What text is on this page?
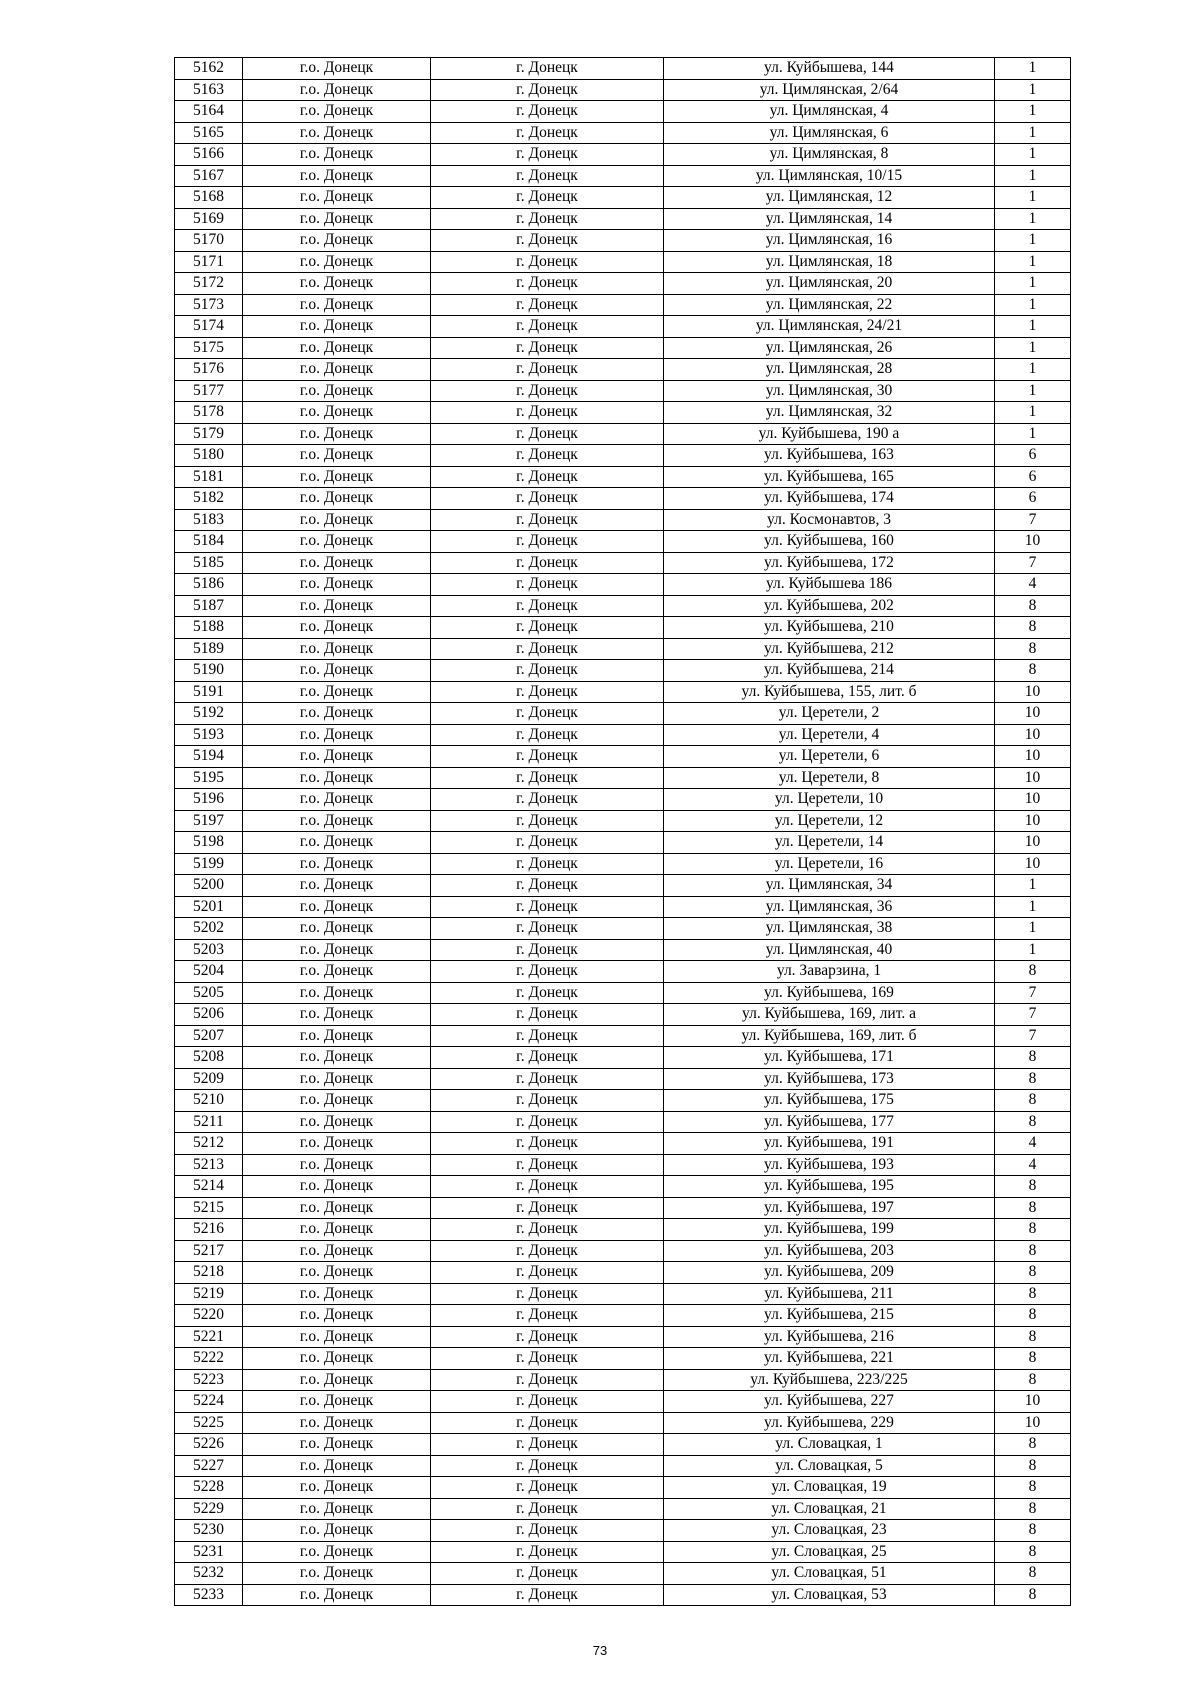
5162	г.о. Донецк	г. Донецк	ул. Куйбышева, 144	1
5163	г.о. Донецк	г. Донецк	ул. Цимлянская, 2/64	1
5164	г.о. Донецк	г. Донецк	ул. Цимлянская, 4	1
5165	г.о. Донецк	г. Донецк	ул. Цимлянская, 6	1
5166	г.о. Донецк	г. Донецк	ул. Цимлянская, 8	1
5167	г.о. Донецк	г. Донецк	ул. Цимлянская, 10/15	1
5168	г.о. Донецк	г. Донецк	ул. Цимлянская, 12	1
5169	г.о. Донецк	г. Донецк	ул. Цимлянская, 14	1
5170	г.о. Донецк	г. Донецк	ул. Цимлянская, 16	1
5171	г.о. Донецк	г. Донецк	ул. Цимлянская, 18	1
5172	г.о. Донецк	г. Донецк	ул. Цимлянская, 20	1
5173	г.о. Донецк	г. Донецк	ул. Цимлянская, 22	1
5174	г.о. Донецк	г. Донецк	ул. Цимлянская, 24/21	1
5175	г.о. Донецк	г. Донецк	ул. Цимлянская, 26	1
5176	г.о. Донецк	г. Донецк	ул. Цимлянская, 28	1
5177	г.о. Донецк	г. Донецк	ул. Цимлянская, 30	1
5178	г.о. Донецк	г. Донецк	ул. Цимлянская, 32	1
5179	г.о. Донецк	г. Донецк	ул. Куйбышева, 190 а	1
5180	г.о. Донецк	г. Донецк	ул. Куйбышева, 163	6
5181	г.о. Донецк	г. Донецк	ул. Куйбышева, 165	6
5182	г.о. Донецк	г. Донецк	ул. Куйбышева, 174	6
5183	г.о. Донецк	г. Донецк	ул. Космонавтов, 3	7
5184	г.о. Донецк	г. Донецк	ул. Куйбышева, 160	10
5185	г.о. Донецк	г. Донецк	ул. Куйбышева, 172	7
5186	г.о. Донецк	г. Донецк	ул. Куйбышева 186	4
5187	г.о. Донецк	г. Донецк	ул. Куйбышева, 202	8
5188	г.о. Донецк	г. Донецк	ул. Куйбышева, 210	8
5189	г.о. Донецк	г. Донецк	ул. Куйбышева, 212	8
5190	г.о. Донецк	г. Донецк	ул. Куйбышева, 214	8
5191	г.о. Донецк	г. Донецк	ул. Куйбышева, 155, лит. б	10
5192	г.о. Донецк	г. Донецк	ул. Церетели, 2	10
5193	г.о. Донецк	г. Донецк	ул. Церетели, 4	10
5194	г.о. Донецк	г. Донецк	ул. Церетели, 6	10
5195	г.о. Донецк	г. Донецк	ул. Церетели, 8	10
5196	г.о. Донецк	г. Донецк	ул. Церетели, 10	10
5197	г.о. Донецк	г. Донецк	ул. Церетели, 12	10
5198	г.о. Донецк	г. Донецк	ул. Церетели, 14	10
5199	г.о. Донецк	г. Донецк	ул. Церетели, 16	10
5200	г.о. Донецк	г. Донецк	ул. Цимлянская, 34	1
5201	г.о. Донецк	г. Донецк	ул. Цимлянская, 36	1
5202	г.о. Донецк	г. Донецк	ул. Цимлянская, 38	1
5203	г.о. Донецк	г. Донецк	ул. Цимлянская, 40	1
5204	г.о. Донецк	г. Донецк	ул. Заварзина, 1	8
5205	г.о. Донецк	г. Донецк	ул. Куйбышева, 169	7
5206	г.о. Донецк	г. Донецк	ул. Куйбышева, 169, лит. а	7
5207	г.о. Донецк	г. Донецк	ул. Куйбышева, 169, лит. б	7
5208	г.о. Донецк	г. Донецк	ул. Куйбышева, 171	8
5209	г.о. Донецк	г. Донецк	ул. Куйбышева, 173	8
5210	г.о. Донецк	г. Донецк	ул. Куйбышева, 175	8
5211	г.о. Донецк	г. Донецк	ул. Куйбышева, 177	8
5212	г.о. Донецк	г. Донецк	ул. Куйбышева, 191	4
5213	г.о. Донецк	г. Донецк	ул. Куйбышева, 193	4
5214	г.о. Донецк	г. Донецк	ул. Куйбышева, 195	8
5215	г.о. Донецк	г. Донецк	ул. Куйбышева, 197	8
5216	г.о. Донецк	г. Донецк	ул. Куйбышева, 199	8
5217	г.о. Донецк	г. Донецк	ул. Куйбышева, 203	8
5218	г.о. Донецк	г. Донецк	ул. Куйбышева, 209	8
5219	г.о. Донецк	г. Донецк	ул. Куйбышева, 211	8
5220	г.о. Донецк	г. Донецк	ул. Куйбышева, 215	8
5221	г.о. Донецк	г. Донецк	ул. Куйбышева, 216	8
5222	г.о. Донецк	г. Донецк	ул. Куйбышева, 221	8
5223	г.о. Донецк	г. Донецк	ул. Куйбышева, 223/225	8
5224	г.о. Донецк	г. Донецк	ул. Куйбышева, 227	10
5225	г.о. Донецк	г. Донецк	ул. Куйбышева, 229	10
5226	г.о. Донецк	г. Донецк	ул. Словацкая, 1	8
5227	г.о. Донецк	г. Донецк	ул. Словацкая, 5	8
5228	г.о. Донецк	г. Донецк	ул. Словацкая, 19	8
5229	г.о. Донецк	г. Донецк	ул. Словацкая, 21	8
5230	г.о. Донецк	г. Донецк	ул. Словацкая, 23	8
5231	г.о. Донецк	г. Донецк	ул. Словацкая, 25	8
5232	г.о. Донецк	г. Донецк	ул. Словацкая, 51	8
5233	г.о. Донецк	г. Донецк	ул. Словацкая, 53	8
73
